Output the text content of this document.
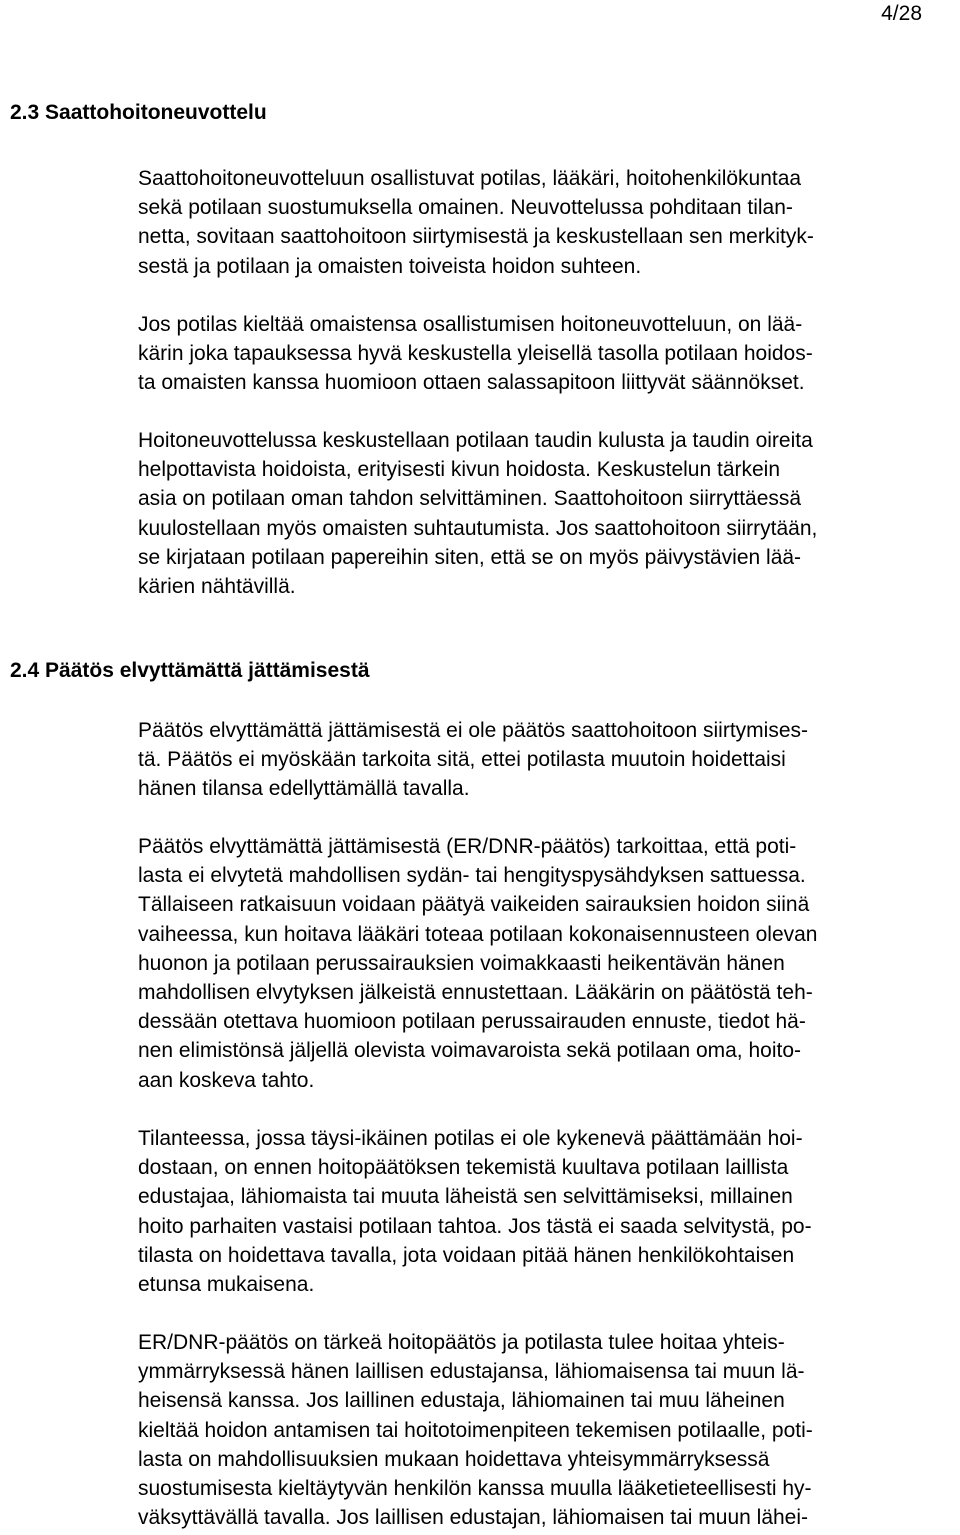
4/28
2.3 Saattohoitoneuvottelu

Saattohoitoneuvotteluun osallistuvat potilas, lääkäri, hoitohenkilökuntaa
sekä potilaan suostumuksella omainen. Neuvottelussa pohditaan tilan-
netta, sovitaan saattohoitoon siirtymisestä ja keskustellaan sen merkityk-
sestä ja potilaan ja omaisten toiveista hoidon suhteen.

Jos potilas kieltää omaistensa osallistumisen hoitoneuvotteluun, on lää-
kärin joka tapauksessa hyvä keskustella yleisellä tasolla potilaan hoidos-
ta omaisten kanssa huomioon ottaen salassapitoon liittyvät säännökset.

Hoitoneuvottelussa keskustellaan potilaan taudin kulusta ja taudin oireita
helpottavista hoidoista, erityisesti kivun hoidosta. Keskustelun tärkein
asia on potilaan oman tahdon selvittäminen. Saattohoitoon siirryttäessä
kuulostellaan myös omaisten suhtautumista. Jos saattohoitoon siirrytään,
se kirjataan potilaan papereihin siten, että se on myös päivystävien lää-
kärien nähtävillä.

2.4 Päätös elvyttämättä jättämisestä

Päätös elvyttämättä jättämisestä ei ole päätös saattohoitoon siirtymises-
tä. Päätös ei myöskään tarkoita sitä, ettei potilasta muutoin hoidettaisi
hänen tilansa edellyttämällä tavalla.

Päätös elvyttämättä jättämisestä (ER/DNR-päätös) tarkoittaa, että poti-
lasta ei elvytetä mahdollisen sydän- tai hengityspysähdyksen sattuessa.
Tällaiseen ratkaisuun voidaan päätyä vaikeiden sairauksien hoidon siinä
vaiheessa, kun hoitava lääkäri toteaa potilaan kokonaisennusteen olevan
huonon ja potilaan perussairauksien voimakkaasti heikentävän hänen
mahdollisen elvytyksen jälkeistä ennustettaan. Lääkärin on päätöstä teh-
dessään otettava huomioon potilaan perussairauden ennuste, tiedot hä-
nen elimistönsä jäljellä olevista voimavaroista sekä potilaan oma, hoito-
aan koskeva tahto.

Tilanteessa, jossa täysi-ikäinen potilas ei ole kykenevä päättämään hoi-
dostaan, on ennen hoitopäätöksen tekemistä kuultava potilaan laillista
edustajaa, lähiomaista tai muuta läheistä sen selvittämiseksi, millainen
hoito parhaiten vastaisi potilaan tahtoa. Jos tästä ei saada selvitystä, po-
tilasta on hoidettava tavalla, jota voidaan pitää hänen henkilökohtaisen
etunsa mukaisena.

ER/DNR-päätös on tärkeä hoitopäätös ja potilasta tulee hoitaa yhteis-
ymmärryksessä hänen laillisen edustajansa, lähiomaisensa tai muun lä-
heisensä kanssa. Jos laillinen edustaja, lähiomainen tai muu läheinen
kieltää hoidon antamisen tai hoitotoimenpiteen tekemisen potilaalle, poti-
lasta on mahdollisuuksien mukaan hoidettava yhteisymmärryksessä
suostumisesta kieltäytyvän henkilön kanssa muulla lääketieteellisesti hy-
väksyttävällä tavalla. Jos laillisen edustajan, lähiomaisen tai muun lähei-
